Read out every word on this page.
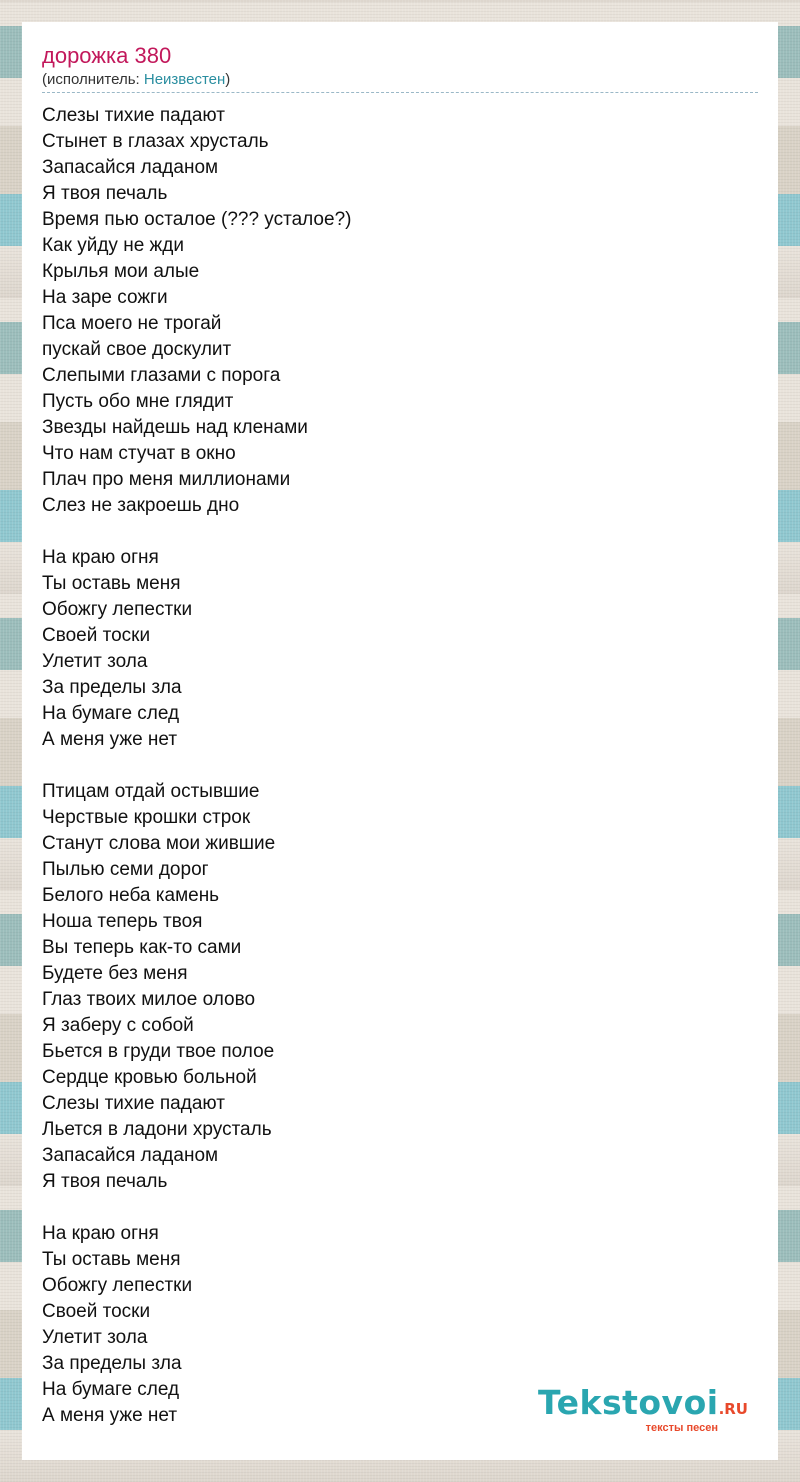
дорожка 380
(исполнитель: Неизвестен)
Слезы тихие падают
Стынет в глазах хрусталь
Запасайся ладаном
Я твоя печаль
Время пью осталое (??? усталое?)
Как уйду не жди
Крылья мои алые
На заре сожги
Пса моего не трогай
пускай свое доскулит
Слепыми глазами с порога
Пусть обо мне глядит
Звезды найдешь над кленами
Что нам стучат в окно
Плач про меня миллионами
Слез не закроешь дно
На краю огня
Ты оставь меня
Обожгу лепестки
Своей тоски
Улетит зола
За пределы зла
На бумаге след
А меня уже нет
Птицам отдай остывшие
Черствые крошки строк
Станут слова мои жившие
Пылью семи дорог
Белого неба камень
Ноша теперь твоя
Вы теперь как-то сами
Будете без меня
Глаз твоих милое олово
Я заберу с собой
Бьется в груди твое полое
Сердце кровью больной
Слезы тихие падают
Льется в ладони хрусталь
Запасайся ладаном
Я твоя печаль
На краю огня
Ты оставь меня
Обожгу лепестки
Своей тоски
Улетит зола
За пределы зла
На бумаге след
А меня уже нет	Tekstovoi.RU
тексты песен
